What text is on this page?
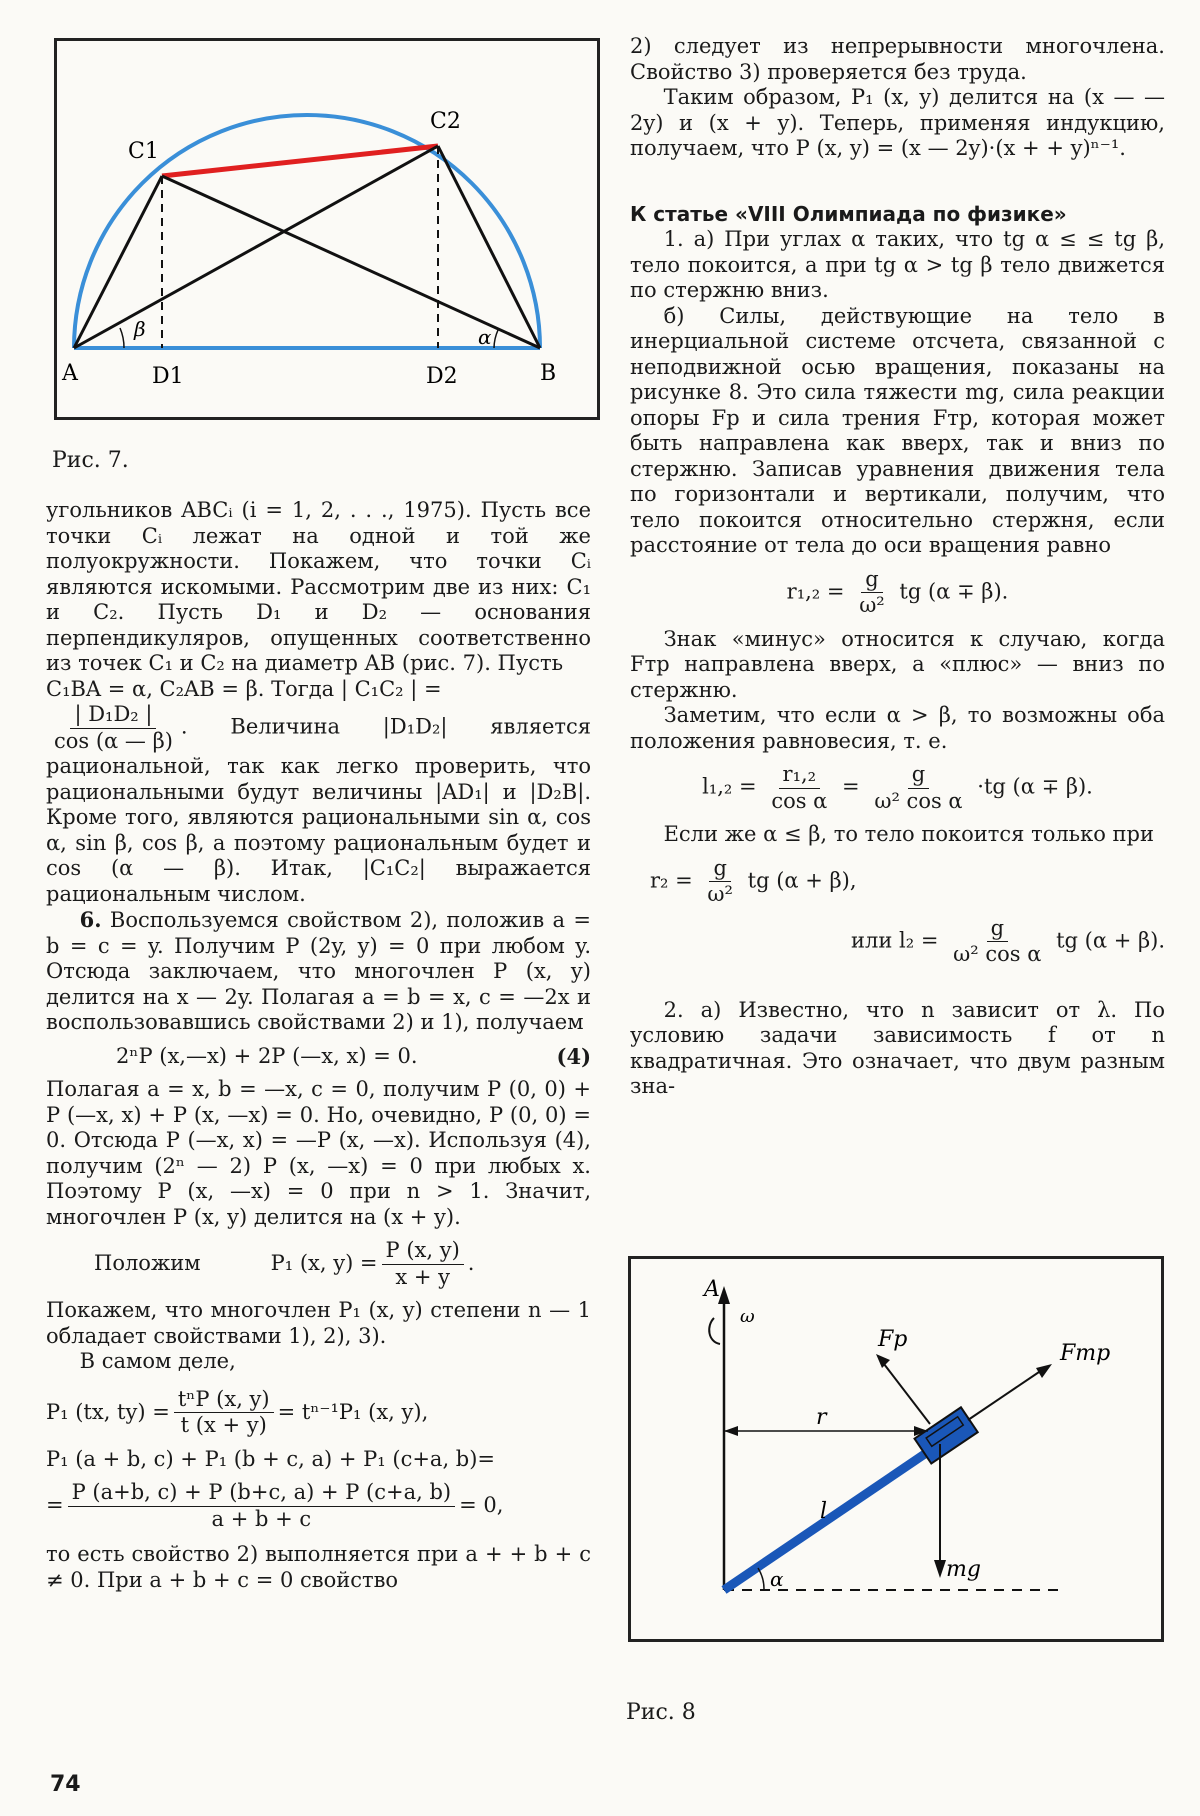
A	B
D1	D2
C1
C2
β	α
Рис. 7.

угольников ABCᵢ (i = 1, 2, . . ., 1975). Пусть все точки Cᵢ лежат на одной и той же полуокружности. Покажем, что точки Cᵢ являются искомыми. Рассмотрим две из них: C₁ и C₂. Пусть D₁ и D₂ — основания перпендикуляров, опущенных соответственно из точек C₁ и C₂ на диаметр AB (рис. 7). Пусть

C₁BA = α, C₂AB = β. Тогда | C₁C₂ | =

$\frac{\text{| D₁D₂ |}}{\cos (\alpha — \beta)}$ . Величина |D₁D₂| является рациональной, так как легко проверить, что рациональными будут величины |AD₁| и |D₂B|. Кроме того, являются рациональными sin α, cos α, sin β, cos β, а поэтому рациональным будет и cos (α — β). Итак, |C₁C₂| выражается рациональным числом.

6. Воспользуемся свойством 2), положив a = b = c = y. Получим P (2y, y) = 0 при любом y. Отсюда заключаем, что многочлен P (x, y) делится на x — 2y. Полагая a = b = x, c = —2x и воспользовавшись свойствами 2) и 1), получаем

2ⁿP (x,—x) + 2P (—x, x) = 0.	(4)

Полагая a = x, b = —x, c = 0, получим P (0, 0) + P (—x, x) + P (x, —x) = 0. Но, очевидно, P (0, 0) = 0. Отсюда P (—x, x) = —P (x, —x). Используя (4), получим (2ⁿ — 2) P (x, —x) = 0 при любых x. Поэтому P (x, —x) = 0 при n > 1. Значит, многочлен P (x, y) делится на (x + y).

Положим	P₁ (x, $y) = \frac{P (x, y)}{x + y}$ .

Покажем, что многочлен P₁ (x, y) степени n — 1 обладает свойствами 1), 2), 3).

В самом деле,

P₁ (tx, $ty) = \frac{\text{tⁿP (x, y)}}{t (x + y)} = t^{n-1}P_1$ (x, y),
P₁ (a + b, c) + P₁ (b + c, a) + P₁ (c+a, b)=
= $\frac{P (a+b, c) + P (b+c, a) + P (c+a, b)}{a + b + c} = 0$,

то есть свойство 2) выполняется при a + + b + c ≠ 0. При a + b + c = 0 свойство

2) следует из непрерывности многочлена. Свойство 3) проверяется без труда.

Таким образом, P₁ (x, y) делится на (x — — 2y) и (x + y). Теперь, применяя индукцию, получаем, что P (x, y) = (x — 2y)·(x + + y)ⁿ⁻¹.

К статье «VIII Олимпиада по физике»

1. а) При углах α таких, что tg α ≤ ≤ tg β, тело покоится, а при tg α > tg β тело движется по стержню вниз.

б) Силы, действующие на тело в инерциальной системе отсчета, связанной с неподвижной осью вращения, показаны на рисунке 8. Это сила тяжести mg, сила реакции опоры Fр и сила трения Fтр, которая может быть направлена как вверх, так и вниз по стержню. Записав уравнения движения тела по горизонтали и вертикали, получим, что тело покоится относительно стержня, если расстояние от тела до оси вращения равно

$r_1,_2 = \frac{g}{\text{ω²}}$ tg (α ∓ β).

Знак «минус» относится к случаю, когда Fтр направлена вверх, а «плюс» — вниз по стержню.

Заметим, что если α > β, то возможны оба положения равновесия, т. е.

$l_1,_2 = \frac{\text{r₁,₂}}{\text{cos α}} = \frac{g}{\text{ω² cos α}} \cdot tg$ (α ∓ β).

Если же α ≤ β, то тело покоится только при

$r_2 = \frac{g}{\text{ω²}}$ tg (α + β),
или $l_2 = \frac{g}{\text{ω² cos α}}$ tg (α + β).

2. а) Известно, что n зависит от λ. По условию задачи зависимость f от n квадратичная. Это означает, что двум разным зна-

A
ω
Fр
Fтр
r
l
mg
α
Рис. 8
74
